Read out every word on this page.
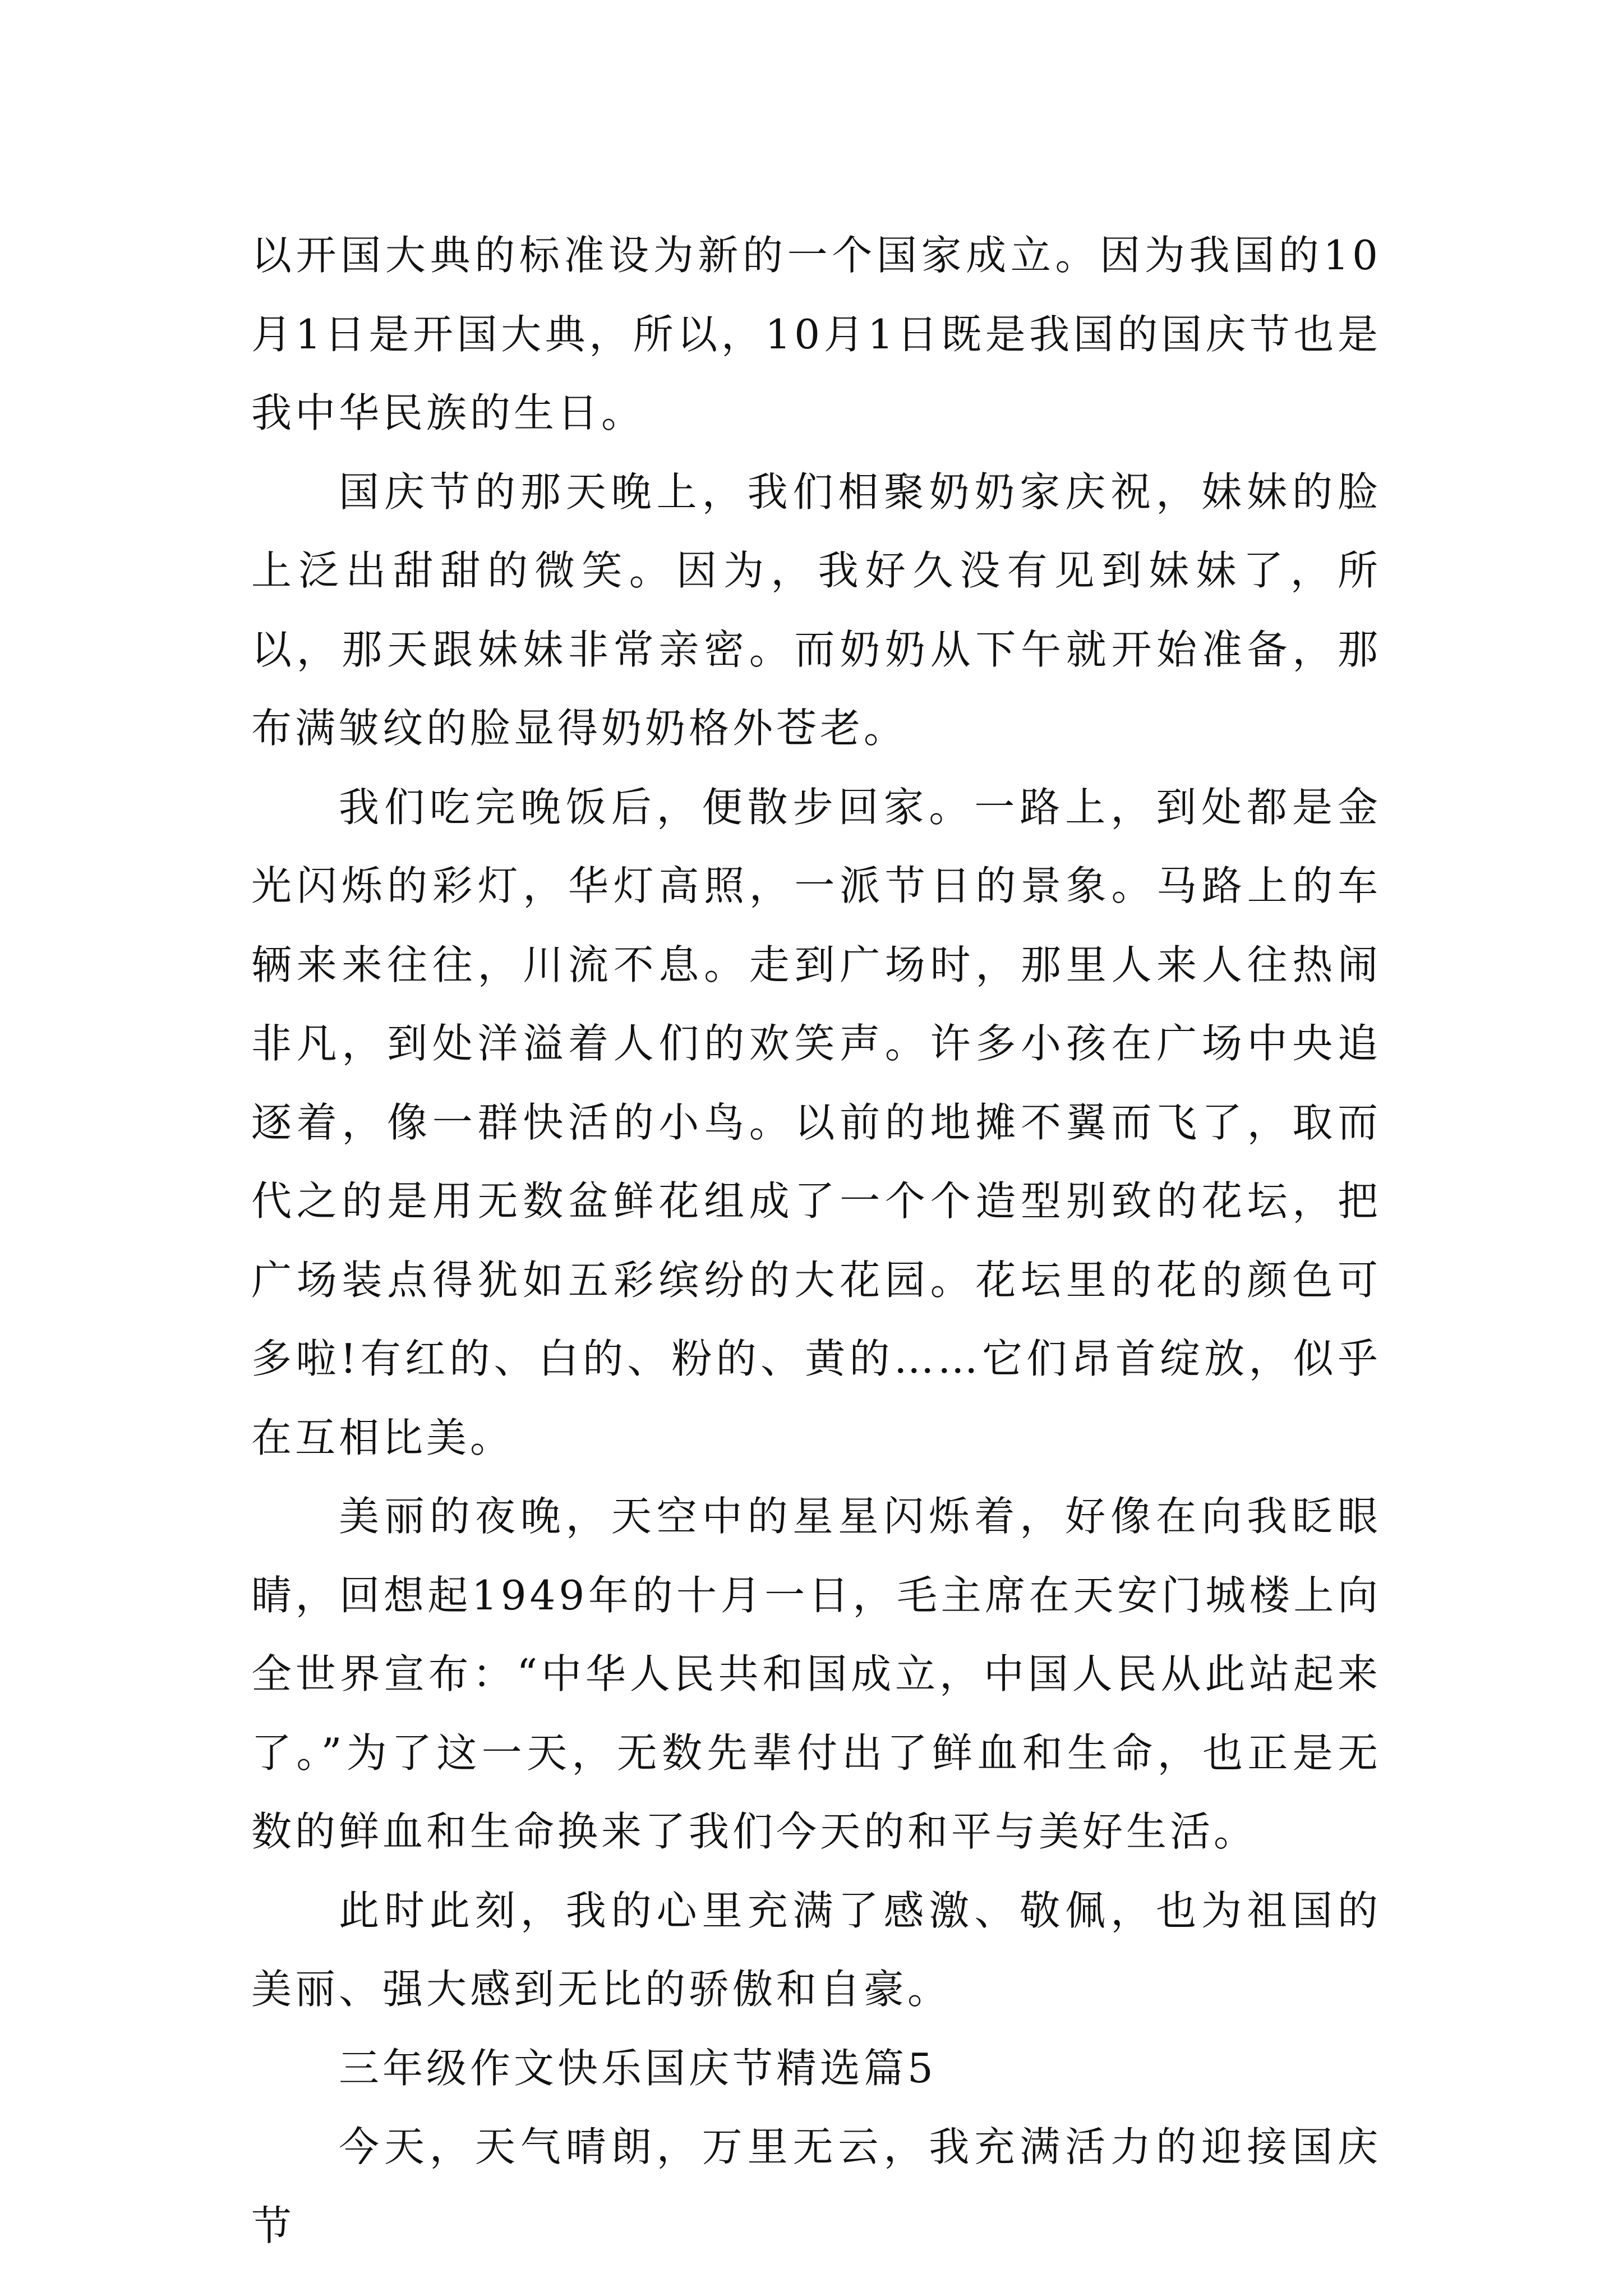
以开国大典的标准设为新的一个国家成立。因为我国的10月1日是开国大典，所以，10月1日既是我国的国庆节也是我中华民族的生日。

国庆节的那天晚上，我们相聚奶奶家庆祝，妹妹的脸上泛出甜甜的微笑。因为，我好久没有见到妹妹了，所以，那天跟妹妹非常亲密。而奶奶从下午就开始准备，那布满皱纹的脸显得奶奶格外苍老。

我们吃完晚饭后，便散步回家。一路上，到处都是金光闪烁的彩灯，华灯高照，一派节日的景象。马路上的车辆来来往往，川流不息。走到广场时，那里人来人往热闹非凡，到处洋溢着人们的欢笑声。许多小孩在广场中央追逐着，像一群快活的小鸟。以前的地摊不翼而飞了，取而代之的是用无数盆鲜花组成了一个个造型别致的花坛，把广场装点得犹如五彩缤纷的大花园。花坛里的花的颜色可多啦!有红的、白的、粉的、黄的……它们昂首绽放，似乎在互相比美。

美丽的夜晚，天空中的星星闪烁着，好像在向我眨眼睛，回想起1949年的十月一日，毛主席在天安门城楼上向全世界宣布：“中华人民共和国成立，中国人民从此站起来了。”为了这一天，无数先辈付出了鲜血和生命，也正是无数的鲜血和生命换来了我们今天的和平与美好生活。

此时此刻，我的心里充满了感激、敬佩，也为祖国的美丽、强大感到无比的骄傲和自豪。

三年级作文快乐国庆节精选篇5

今天，天气晴朗，万里无云，我充满活力的迎接国庆节
